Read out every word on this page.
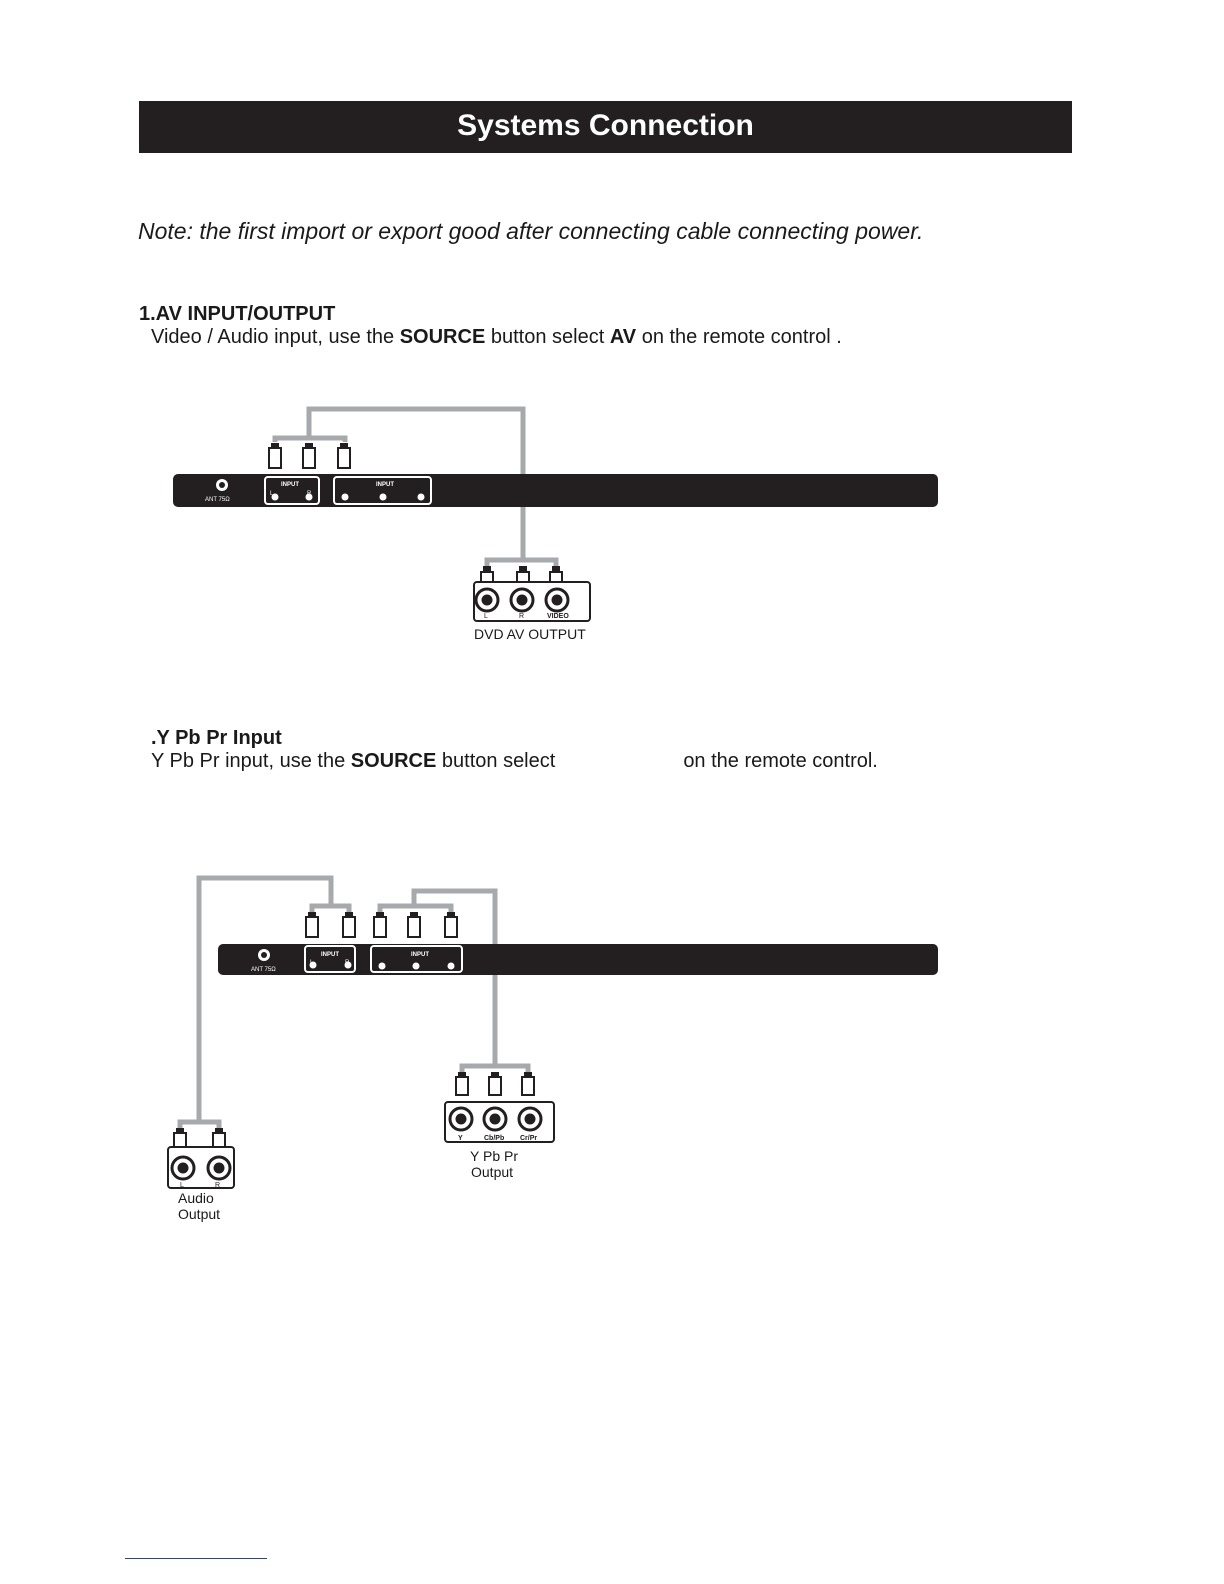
Systems Connection
Note: the first import or export good after connecting cable connecting power.
1.AV INPUT/OUTPUT
Video / Audio input, use the SOURCE button select AV on the remote control .
.Y Pb Pr Input
Y Pb Pr input, use the SOURCE button select	on the remote control.
ANT 75Ω
INPUT	INPUT
L	R
L	R	VIDEO
DVD AV OUTPUT
ANT 75Ω
INPUT	INPUT
L	R
Y	Cb/Pb Cr/Pr
Y Pb Pr
Output
L	R
Audio
Output
